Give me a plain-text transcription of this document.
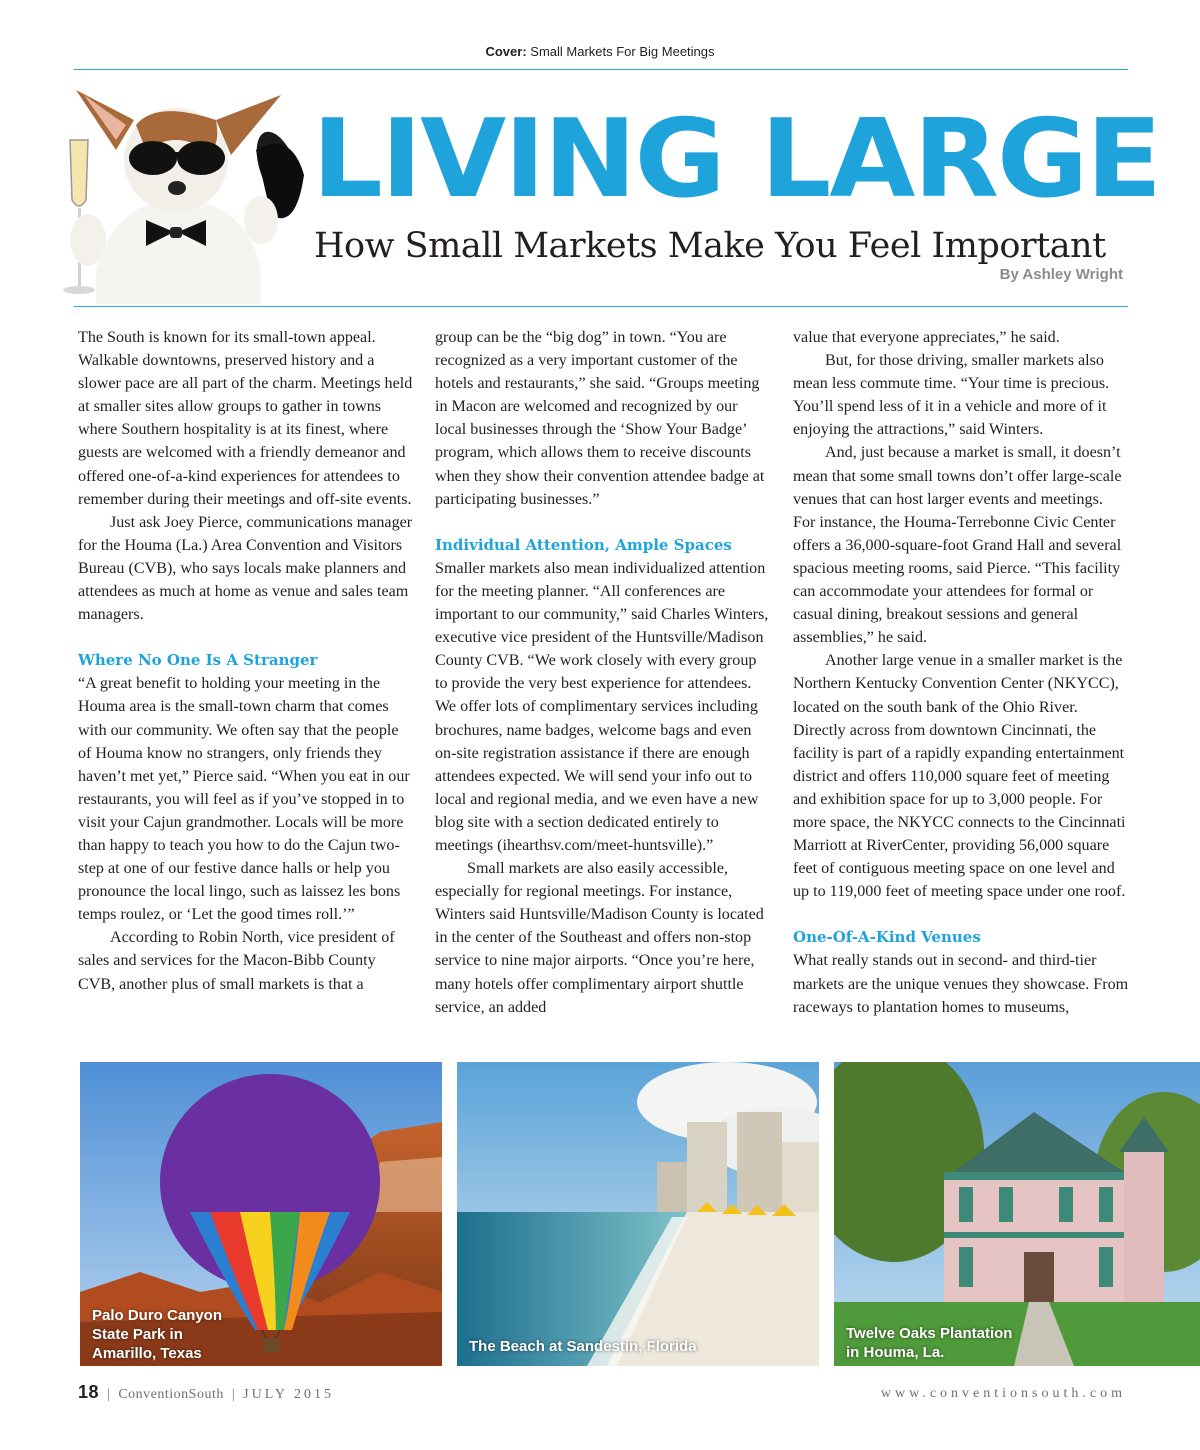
Cover: Small Markets For Big Meetings
LIVING LARGE
How Small Markets Make You Feel Important
By Ashley Wright

The South is known for its small-town appeal. Walkable downtowns, preserved history and a slower pace are all part of the charm. Meetings held at smaller sites allow groups to gather in towns where Southern hospitality is at its finest, where guests are welcomed with a friendly demeanor and offered one-of-a-kind experiences for attendees to remember during their meetings and off-site events.

Just ask Joey Pierce, communications manager for the Houma (La.) Area Convention and Visitors Bureau (CVB), who says locals make planners and attendees as much at home as venue and sales team managers.

Where No One Is A Stranger

“A great benefit to holding your meeting in the Houma area is the small-town charm that comes with our community. We often say that the people of Houma know no strangers, only friends they haven’t met yet,” Pierce said. “When you eat in our restaurants, you will feel as if you’ve stopped in to visit your Cajun grandmother. Locals will be more than happy to teach you how to do the Cajun two-step at one of our festive dance halls or help you pronounce the local lingo, such as laissez les bons temps roulez, or ‘Let the good times roll.’”

According to Robin North, vice president of sales and services for the Macon-Bibb County CVB, another plus of small markets is that a

group can be the “big dog” in town. “You are recognized as a very important customer of the hotels and restaurants,” she said. “Groups meeting in Macon are welcomed and recognized by our local businesses through the ‘Show Your Badge’ program, which allows them to receive discounts when they show their convention attendee badge at participating businesses.”

Individual Attention, Ample Spaces

Smaller markets also mean individualized attention for the meeting planner. “All conferences are important to our community,” said Charles Winters, executive vice president of the Huntsville/Madison County CVB. “We work closely with every group to provide the very best experience for attendees. We offer lots of complimentary services including brochures, name badges, welcome bags and even on-site registration assistance if there are enough attendees expected. We will send your info out to local and regional media, and we even have a new blog site with a section dedicated entirely to meetings (ihearthsv.com/meet-huntsville).”

Small markets are also easily accessible, especially for regional meetings. For instance, Winters said Huntsville/Madison County is located in the center of the Southeast and offers non-stop service to nine major airports. “Once you’re here, many hotels offer complimentary airport shuttle service, an added

value that everyone appreciates,” he said.

But, for those driving, smaller markets also mean less commute time. “Your time is precious. You’ll spend less of it in a vehicle and more of it enjoying the attractions,” said Winters.

And, just because a market is small, it doesn’t mean that some small towns don’t offer large-scale venues that can host larger events and meetings. For instance, the Houma-Terrebonne Civic Center offers a 36,000-square-foot Grand Hall and several spacious meeting rooms, said Pierce. “This facility can accommodate your attendees for formal or casual dining, breakout sessions and general assemblies,” he said.

Another large venue in a smaller market is the Northern Kentucky Convention Center (NKYCC), located on the south bank of the Ohio River. Directly across from downtown Cincinnati, the facility is part of a rapidly expanding entertainment district and offers 110,000 square feet of meeting and exhibition space for up to 3,000 people. For more space, the NKYCC connects to the Cincinnati Marriott at RiverCenter, providing 56,000 square feet of contiguous meeting space on one level and up to 119,000 feet of meeting space under one roof.

One-Of-A-Kind Venues

What really stands out in second- and third-tier markets are the unique venues they showcase. From raceways to plantation homes to museums,

Palo Duro Canyon
State Park in
Amarillo, Texas	The Beach at Sandestin, Florida
Twelve Oaks Plantation
in Houma, La.
18 | ConventionSouth | JULY 2015	www.conventionsouth.com
